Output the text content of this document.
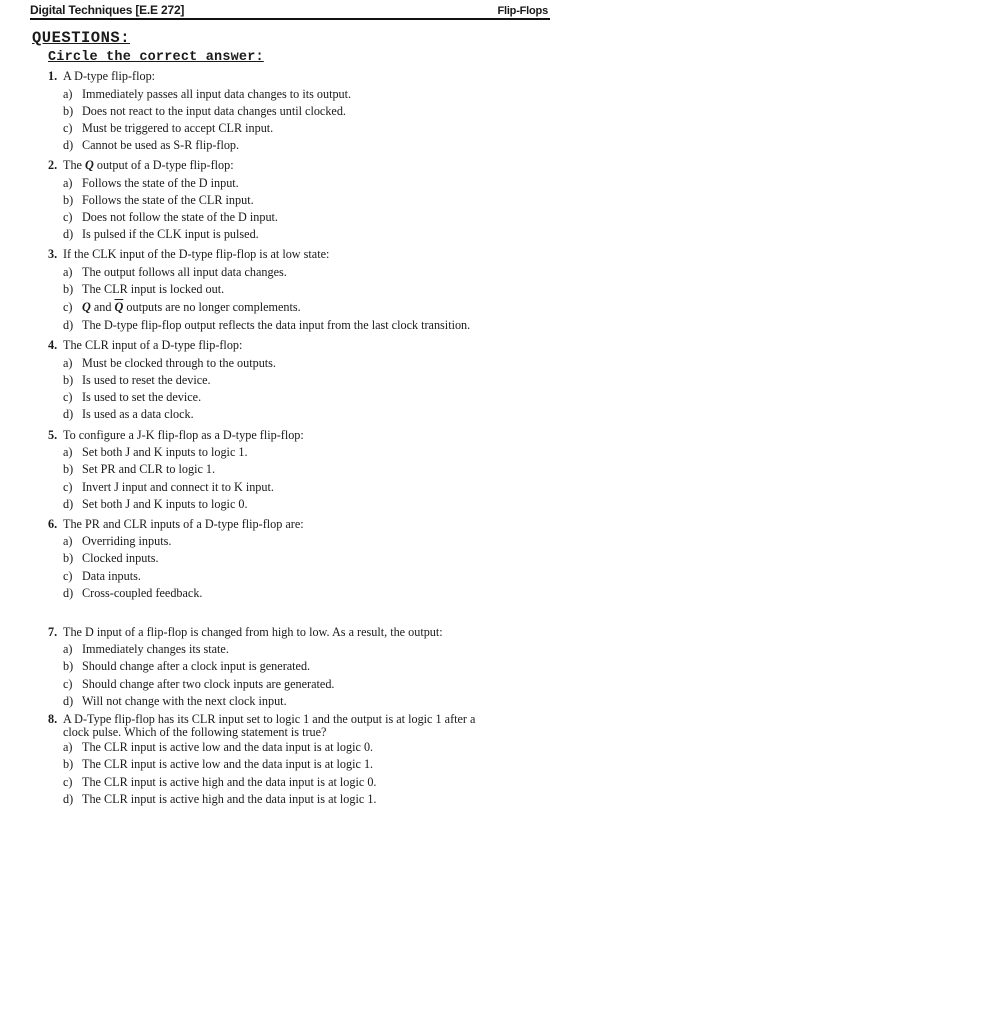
Digital Techniques [E.E 272]	Flip-Flops
QUESTIONS:
Circle the correct answer:
1. A D-type flip-flop:
a) Immediately passes all input data changes to its output.
b) Does not react to the input data changes until clocked.
c) Must be triggered to accept CLR input.
d) Cannot be used as S-R flip-flop.
2. The Q output of a D-type flip-flop:
a) Follows the state of the D input.
b) Follows the state of the CLR input.
c) Does not follow the state of the D input.
d) Is pulsed if the CLK input is pulsed.
3. If the CLK input of the D-type flip-flop is at low state:
a) The output follows all input data changes.
b) The CLR input is locked out.
c) Q and $\overline{Q}$ outputs are no longer complements.
d) The D-type flip-flop output reflects the data input from the last clock transition.
4. The CLR input of a D-type flip-flop:
a) Must be clocked through to the outputs.
b) Is used to reset the device.
c) Is used to set the device.
d) Is used as a data clock.
5. To configure a J-K flip-flop as a D-type flip-flop:
a) Set both J and K inputs to logic 1.
b) Set PR and CLR to logic 1.
c) Invert J input and connect it to K input.
d) Set both J and K inputs to logic 0.
6. The PR and CLR inputs of a D-type flip-flop are:
a) Overriding inputs.
b) Clocked inputs.
c) Data inputs.
d) Cross-coupled feedback.
7. The D input of a flip-flop is changed from high to low. As a result, the output:
a) Immediately changes its state.
b) Should change after a clock input is generated.
c) Should change after two clock inputs are generated.
d) Will not change with the next clock input.
8. A D-Type flip-flop has its CLR input set to logic 1 and the output is at logic 1 after a
clock pulse. Which of the following statement is true?
a) The CLR input is active low and the data input is at logic 0.
b) The CLR input is active low and the data input is at logic 1.
c) The CLR input is active high and the data input is at logic 0.
d) The CLR input is active high and the data input is at logic 1.
